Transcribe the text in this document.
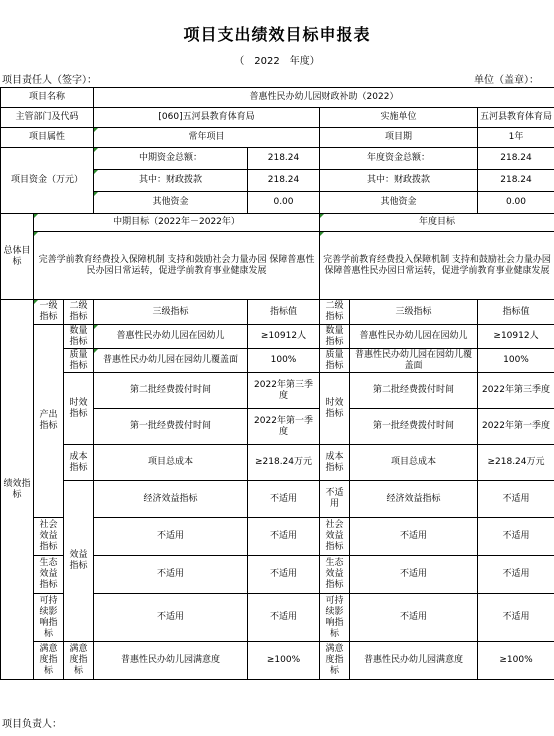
项目支出绩效目标申报表
（　2022　年度）
项目责任人（签字）：	单位（盖章）：
项目名称			普惠性民办幼儿园财政补助（2022）					
主管部门及代码			[060]五河县教育体育局		实施单位		五河县教育体育局	
项目属性			常年项目		项目期		1年	
项目资金（万元）			中期资金总额：	218.24	年度资金总额：		218.24	
			其中：财政拨款	218.24	其中：财政拨款		218.24	
			其他资金	0.00	其他资金		0.00	
总体目标	中期目标（2022年－2022年）				年度目标			
	完善学前教育经费投入保障机制 支持和鼓励社会力量办园 保障普惠性民办园日常运转，促进学前教育事业健康发展				完善学前教育经费投入保障机制 支持和鼓励社会力量办园 保障普惠性民办园日常运转，促进学前教育事业健康发展			
绩效指标	一级指标	二级指标	三级指标	指标值	二级指标	三级指标	指标值	
	产出指标	数量指标	普惠性民办幼儿园在园幼儿	≥10912人	数量指标	普惠性民办幼儿园在园幼儿	≥10912人	
		质量指标	普惠性民办幼儿园在园幼儿覆盖面	100%	质量指标	普惠性民办幼儿园在园幼儿覆盖面	100%	
		时效指标	第二批经费拨付时间	2022年第三季度	时效指标	第二批经费拨付时间	2022年第三季度	
			第一批经费拨付时间	2022年第一季度		第一批经费拨付时间	2022年第一季度	
		成本指标	项目总成本	≥218.24万元	成本指标	项目总成本	≥218.24万元	
		效益指标	经济效益指标	不适用	不适用	经济效益指标	不适用	
	社会效益指标		不适用	不适用	社会效益指标	不适用	不适用	
	生态效益指标		不适用	不适用	生态效益指标	不适用	不适用	
	可持续影响指标		不适用	不适用	可持续影响指标	不适用	不适用	
	满意度指标	满意度指标	普惠性民办幼儿园满意度	≥100%	满意度指标	普惠性民办幼儿园满意度	≥100%	
项目负责人：
